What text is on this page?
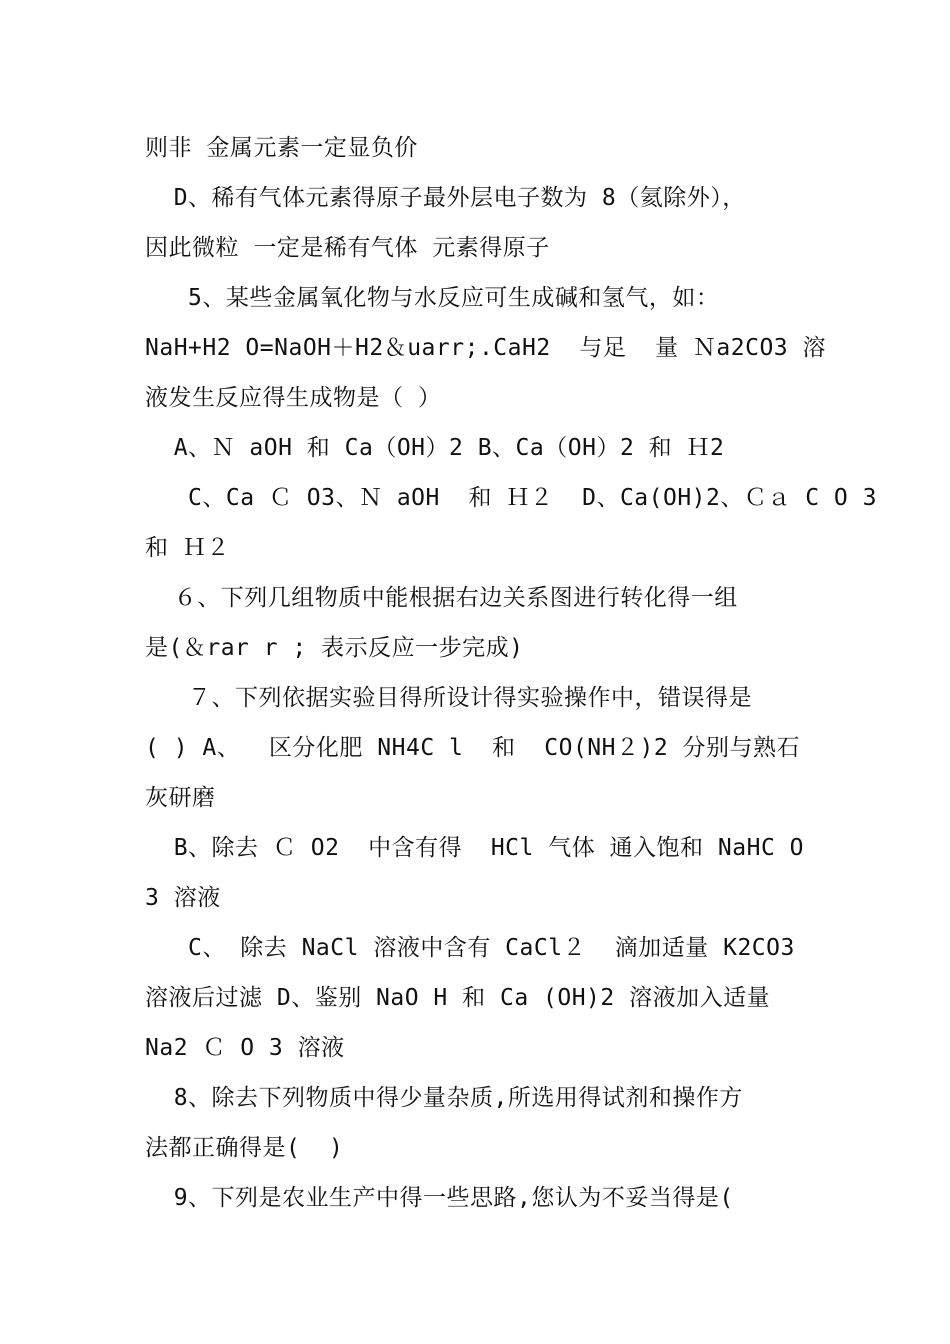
则非 金属元素一定显负价
D、稀有气体元素得原子最外层电子数为 8（氦除外），
因此微粒 一定是稀有气体 元素得原子
5、某些金属氧化物与水反应可生成碱和氢气，如：
NaH+H2 O=NaOH＋H2＆uarr;.CaH2  与足  量 Ｎa2CO3 溶
液发生反应得生成物是（ ）
A、Ｎ aOH 和 Ca（OH）2 B、Ca（OH）2 和 Ｈ2
C、Ca Ｃ O3、Ｎ aOH  和 Ｈ２  D、Ca(OH)2、Ｃａ C O 3
和 Ｈ２
６、下列几组物质中能根据右边关系图进行转化得一组
是(＆rar r ; 表示反应一步完成)
７、下列依据实验目得所设计得实验操作中，错误得是
( ) A、  区分化肥 NH4C l  和  CO(NH２)2 分别与熟石
灰研磨
B、除去 Ｃ O2  中含有得  HCl 气体 通入饱和 NaHC O
3 溶液
C、 除去 NaCl 溶液中含有 CaCl２  滴加适量 K2CO3
溶液后过滤 D、鉴别 NaO H 和 Ca (OH)2 溶液加入适量
Na2 Ｃ O 3 溶液
8、除去下列物质中得少量杂质,所选用得试剂和操作方
法都正确得是(  )
9、下列是农业生产中得一些思路,您认为不妥当得是(
